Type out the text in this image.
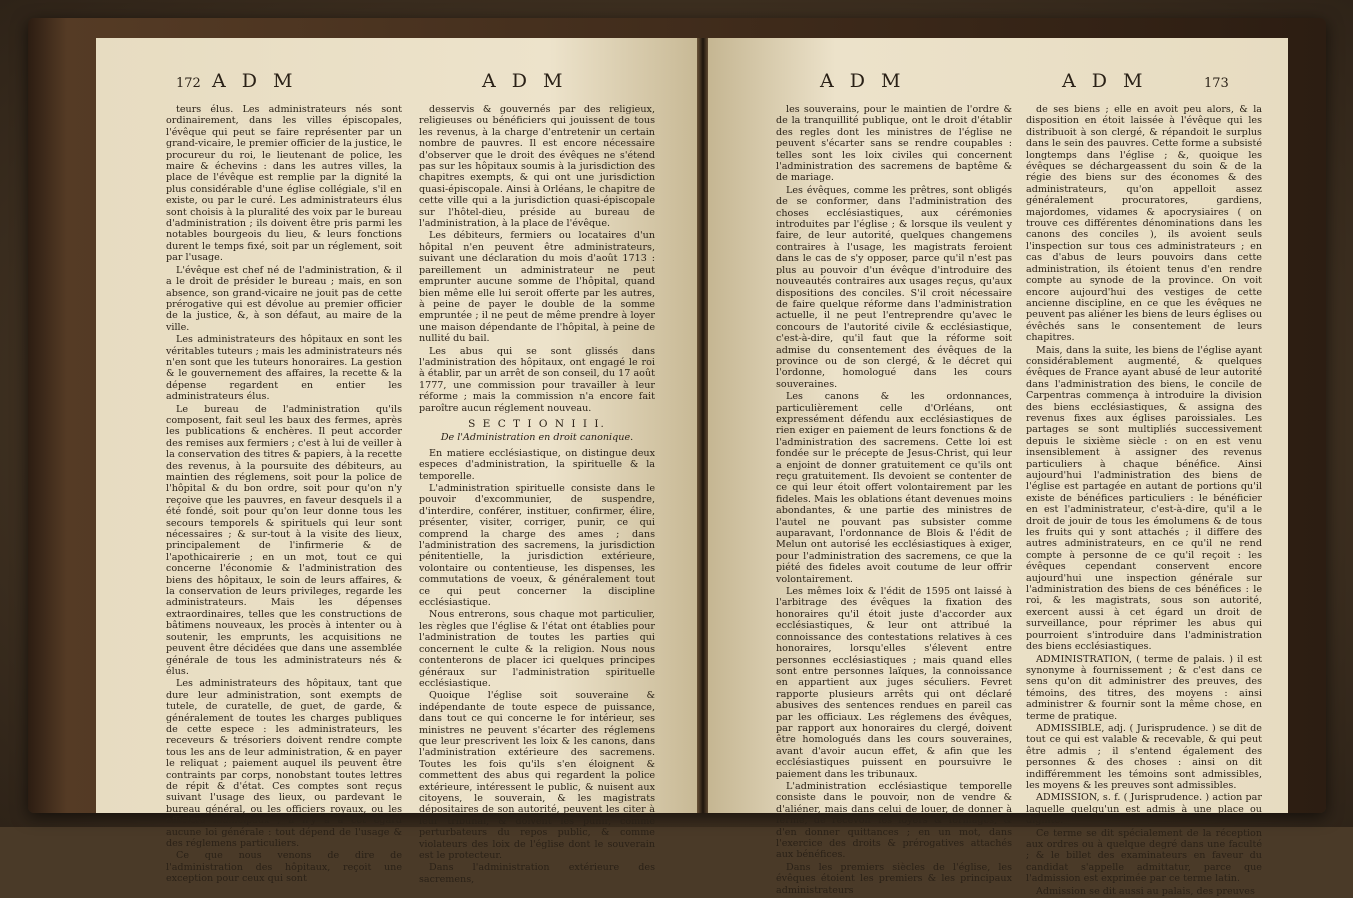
172 A D M	A D M

teurs élus. Les administrateurs nés sont ordinairement, dans les villes épiscopales, l'évêque qui peut se faire représenter par un grand-vicaire, le premier officier de la justice, le procureur du roi, le lieutenant de police, les maire & échevins : dans les autres villes, la place de l'évêque est remplie par la dignité la plus considérable d'une église collégiale, s'il en existe, ou par le curé. Les administrateurs élus sont choisis à la pluralité des voix par le bureau d'administration ; ils doivent être pris parmi les notables bourgeois du lieu, & leurs fonctions durent le temps fixé, soit par un réglement, soit par l'usage.

L'évêque est chef né de l'administration, & il a le droit de présider le bureau ; mais, en son absence, son grand-vicaire ne jouit pas de cette prérogative qui est dévolue au premier officier de la justice, &, à son défaut, au maire de la ville.

Les administrateurs des hôpitaux en sont les véritables tuteurs ; mais les administrateurs nés n'en sont que les tuteurs honoraires. La gestion & le gouvernement des affaires, la recette & la dépense regardent en entier les administrateurs élus.

Le bureau de l'administration qu'ils composent, fait seul les baux des fermes, après les publications & enchères. Il peut accorder des remises aux fermiers ; c'est à lui de veiller à la conservation des titres & papiers, à la recette des revenus, à la poursuite des débiteurs, au maintien des réglemens, soit pour la police de l'hôpital & du bon ordre, soit pour qu'on n'y reçoive que les pauvres, en faveur desquels il a été fondé, soit pour qu'on leur donne tous les secours temporels & spirituels qui leur sont nécessaires ; & sur-tout à la visite des lieux, principalement de l'infirmerie & de l'apothicairerie ; en un mot, tout ce qui concerne l'économie & l'administration des biens des hôpitaux, le soin de leurs affaires, & la conservation de leurs privileges, regarde les administrateurs. Mais les dépenses extraordinaires, telles que les constructions de bâtimens nouveaux, les procès à intenter ou à soutenir, les emprunts, les acquisitions ne peuvent être décidées que dans une assemblée générale de tous les administrateurs nés & élus.

Les administrateurs des hôpitaux, tant que dure leur administration, sont exempts de tutele, de curatelle, de guet, de garde, & généralement de toutes les charges publiques de cette espece : les administrateurs, les receveurs & trésoriers doivent rendre compte tous les ans de leur administration, & en payer le reliquat ; paiement auquel ils peuvent être contraints par corps, nonobstant toutes lettres de répit & d'état. Ces comptes sont reçus suivant l'usage des lieux, ou pardevant le bureau général, ou les officiers royaux, ou les officiers municipaux ; il n'y a à cet égard aucune loi générale : tout dépend de l'usage & des réglemens particuliers.

Ce que nous venons de dire de l'administration des hôpitaux, reçoit une exception pour ceux qui sont

desservis & gouvernés par des religieux, religieuses ou bénéficiers qui jouissent de tous les revenus, à la charge d'entretenir un certain nombre de pauvres. Il est encore nécessaire d'observer que le droit des évêques ne s'étend pas sur les hôpitaux soumis à la jurisdiction des chapitres exempts, & qui ont une jurisdiction quasi-épiscopale. Ainsi à Orléans, le chapitre de cette ville qui a la jurisdiction quasi-épiscopale sur l'hôtel-dieu, préside au bureau de l'administration, à la place de l'évêque.

Les débiteurs, fermiers ou locataires d'un hôpital n'en peuvent être administrateurs, suivant une déclaration du mois d'août 1713 : pareillement un administrateur ne peut emprunter aucune somme de l'hôpital, quand bien même elle lui seroit offerte par les autres, à peine de payer le double de la somme empruntée ; il ne peut de même prendre à loyer une maison dépendante de l'hôpital, à peine de nullité du bail.

Les abus qui se sont glissés dans l'administration des hôpitaux, ont engagé le roi à établir, par un arrêt de son conseil, du 17 août 1777, une commission pour travailler à leur réforme ; mais la commission n'a encore fait paroître aucun réglement nouveau.

S E C T I O N I I I.

De l'Administration en droit canonique.

En matiere ecclésiastique, on distingue deux especes d'administration, la spirituelle & la temporelle.

L'administration spirituelle consiste dans le pouvoir d'excommunier, de suspendre, d'interdire, conférer, instituer, confirmer, élire, présenter, visiter, corriger, punir, ce qui comprend la charge des ames ; dans l'administration des sacremens, la jurisdiction pénitentielle, la jurisdiction extérieure, volontaire ou contentieuse, les dispenses, les commutations de voeux, & généralement tout ce qui peut concerner la discipline ecclésiastique.

Nous entrerons, sous chaque mot particulier, les règles que l'église & l'état ont établies pour l'administration de toutes les parties qui concernent le culte & la religion. Nous nous contenterons de placer ici quelques principes généraux sur l'administration spirituelle ecclésiastique.

Quoique l'église soit souveraine & indépendante de toute espece de puissance, dans tout ce qui concerne le for intérieur, ses ministres ne peuvent s'écarter des réglemens que leur prescrivent les loix & les canons, dans l'administration extérieure des sacremens. Toutes les fois qu'ils s'en éloignent & commettent des abus qui regardent la police extérieure, intéressent le public, & nuisent aux citoyens, le souverain, & les magistrats dépositaires de son autorité, peuvent les citer à leur tribunal, & doivent les punir, comme perturbateurs du repos public, & comme violateurs des loix de l'église dont le souverain est le protecteur.

Dans l'administration extérieure des sacremens,

A D M	A D M	173

les souverains, pour le maintien de l'ordre & de la tranquillité publique, ont le droit d'établir des regles dont les ministres de l'église ne peuvent s'écarter sans se rendre coupables : telles sont les loix civiles qui concernent l'administration des sacremens de baptême & de mariage.

Les évêques, comme les prêtres, sont obligés de se conformer, dans l'administration des choses ecclésiastiques, aux cérémonies introduites par l'église ; & lorsque ils veulent y faire, de leur autorité, quelques changemens contraires à l'usage, les magistrats feroient dans le cas de s'y opposer, parce qu'il n'est pas plus au pouvoir d'un évêque d'introduire des nouveautés contraires aux usages reçus, qu'aux dispositions des conciles. S'il croit nécessaire de faire quelque réforme dans l'administration actuelle, il ne peut l'entreprendre qu'avec le concours de l'autorité civile & ecclésiastique, c'est-à-dire, qu'il faut que la réforme soit admise du consentement des évêques de la province ou de son clergé, & le décret qui l'ordonne, homologué dans les cours souveraines.

Les canons & les ordonnances, particulièrement celle d'Orléans, ont expressément défendu aux ecclésiastiques de rien exiger en paiement de leurs fonctions & de l'administration des sacremens. Cette loi est fondée sur le précepte de Jesus-Christ, qui leur a enjoint de donner gratuitement ce qu'ils ont reçu gratuitement. Ils devoient se contenter de ce qui leur étoit offert volontairement par les fideles. Mais les oblations étant devenues moins abondantes, & une partie des ministres de l'autel ne pouvant pas subsister comme auparavant, l'ordonnance de Blois & l'édit de Melun ont autorisé les ecclésiastiques à exiger, pour l'administration des sacremens, ce que la piété des fideles avoit coutume de leur offrir volontairement.

Les mêmes loix & l'édit de 1595 ont laissé à l'arbitrage des évêques la fixation des honoraires qu'il étoit juste d'accorder aux ecclésiastiques, & leur ont attribué la connoissance des contestations relatives à ces honoraires, lorsqu'elles s'élevent entre personnes ecclésiastiques ; mais quand elles sont entre personnes laïques, la connoissance en appartient aux juges séculiers. Fevret rapporte plusieurs arrêts qui ont déclaré abusives des sentences rendues en pareil cas par les officiaux. Les réglemens des évêques, par rapport aux honoraires du clergé, doivent être homologués dans les cours souveraines, avant d'avoir aucun effet, & afin que les ecclésiastiques puissent en poursuivre le paiement dans les tribunaux.

L'administration ecclésiastique temporelle consiste dans le pouvoir, non de vendre & d'aliéner, mais dans celui de louer, de donner à ferme, de recevoir les loyers & fermages, & d'en donner quittances ; en un mot, dans l'exercice des droits & prérogatives attachés aux bénéfices.

Dans les premiers siècles de l'église, les évêques étoient les premiers & les principaux administrateurs

de ses biens ; elle en avoit peu alors, & la disposition en étoit laissée à l'évêque qui les distribuoit à son clergé, & répandoit le surplus dans le sein des pauvres. Cette forme a subsisté longtemps dans l'église ; &, quoique les évêques se déchargeassent du soin & de la régie des biens sur des économes & des administrateurs, qu'on appelloit assez généralement procuratores, gardiens, majordomes, vidames & apocrysiaires ( on trouve ces différentes dénominations dans les canons des conciles ), ils avoient seuls l'inspection sur tous ces administrateurs ; en cas d'abus de leurs pouvoirs dans cette administration, ils étoient tenus d'en rendre compte au synode de la province. On voit encore aujourd'hui des vestiges de cette ancienne discipline, en ce que les évêques ne peuvent pas aliéner les biens de leurs églises ou évêchés sans le consentement de leurs chapitres.

Mais, dans la suite, les biens de l'église ayant considérablement augmenté, & quelques évêques de France ayant abusé de leur autorité dans l'administration des biens, le concile de Carpentras commença à introduire la division des biens ecclésiastiques, & assigna des revenus fixes aux églises paroissiales. Les partages se sont multipliés successivement depuis le sixième siècle : on en est venu insensiblement à assigner des revenus particuliers à chaque bénéfice. Ainsi aujourd'hui l'administration des biens de l'église est partagée en autant de portions qu'il existe de bénéfices particuliers : le bénéficier en est l'administrateur, c'est-à-dire, qu'il a le droit de jouir de tous les émolumens & de tous les fruits qui y sont attachés ; il differe des autres administrateurs, en ce qu'il ne rend compte à personne de ce qu'il reçoit : les évêques cependant conservent encore aujourd'hui une inspection générale sur l'administration des biens de ces bénéfices : le roi, & les magistrats, sous son autorité, exercent aussi à cet égard un droit de surveillance, pour réprimer les abus qui pourroient s'introduire dans l'administration des biens ecclésiastiques.

ADMINISTRATION, ( terme de palais. ) il est synonyme à fournissement ; & c'est dans ce sens qu'on dit administrer des preuves, des témoins, des titres, des moyens : ainsi administrer & fournir sont la même chose, en terme de pratique.

ADMISSIBLE, adj. ( Jurisprudence. ) se dit de tout ce qui est valable & recevable, & qui peut être admis ; il s'entend également des personnes & des choses : ainsi on dit indifféremment les témoins sont admissibles, les moyens & les preuves sont admissibles.

ADMISSION, s. f. ( Jurisprudence. ) action par laquelle quelqu'un est admis à une place ou dignité.

Ce terme se dit spécialement de la réception aux ordres ou à quelque degré dans une faculté ; & le billet des examinateurs en faveur du candidat s'appelle admittatur, parce que l'admission est exprimée par ce terme latin.

Admission se dit aussi au palais, des preuves
